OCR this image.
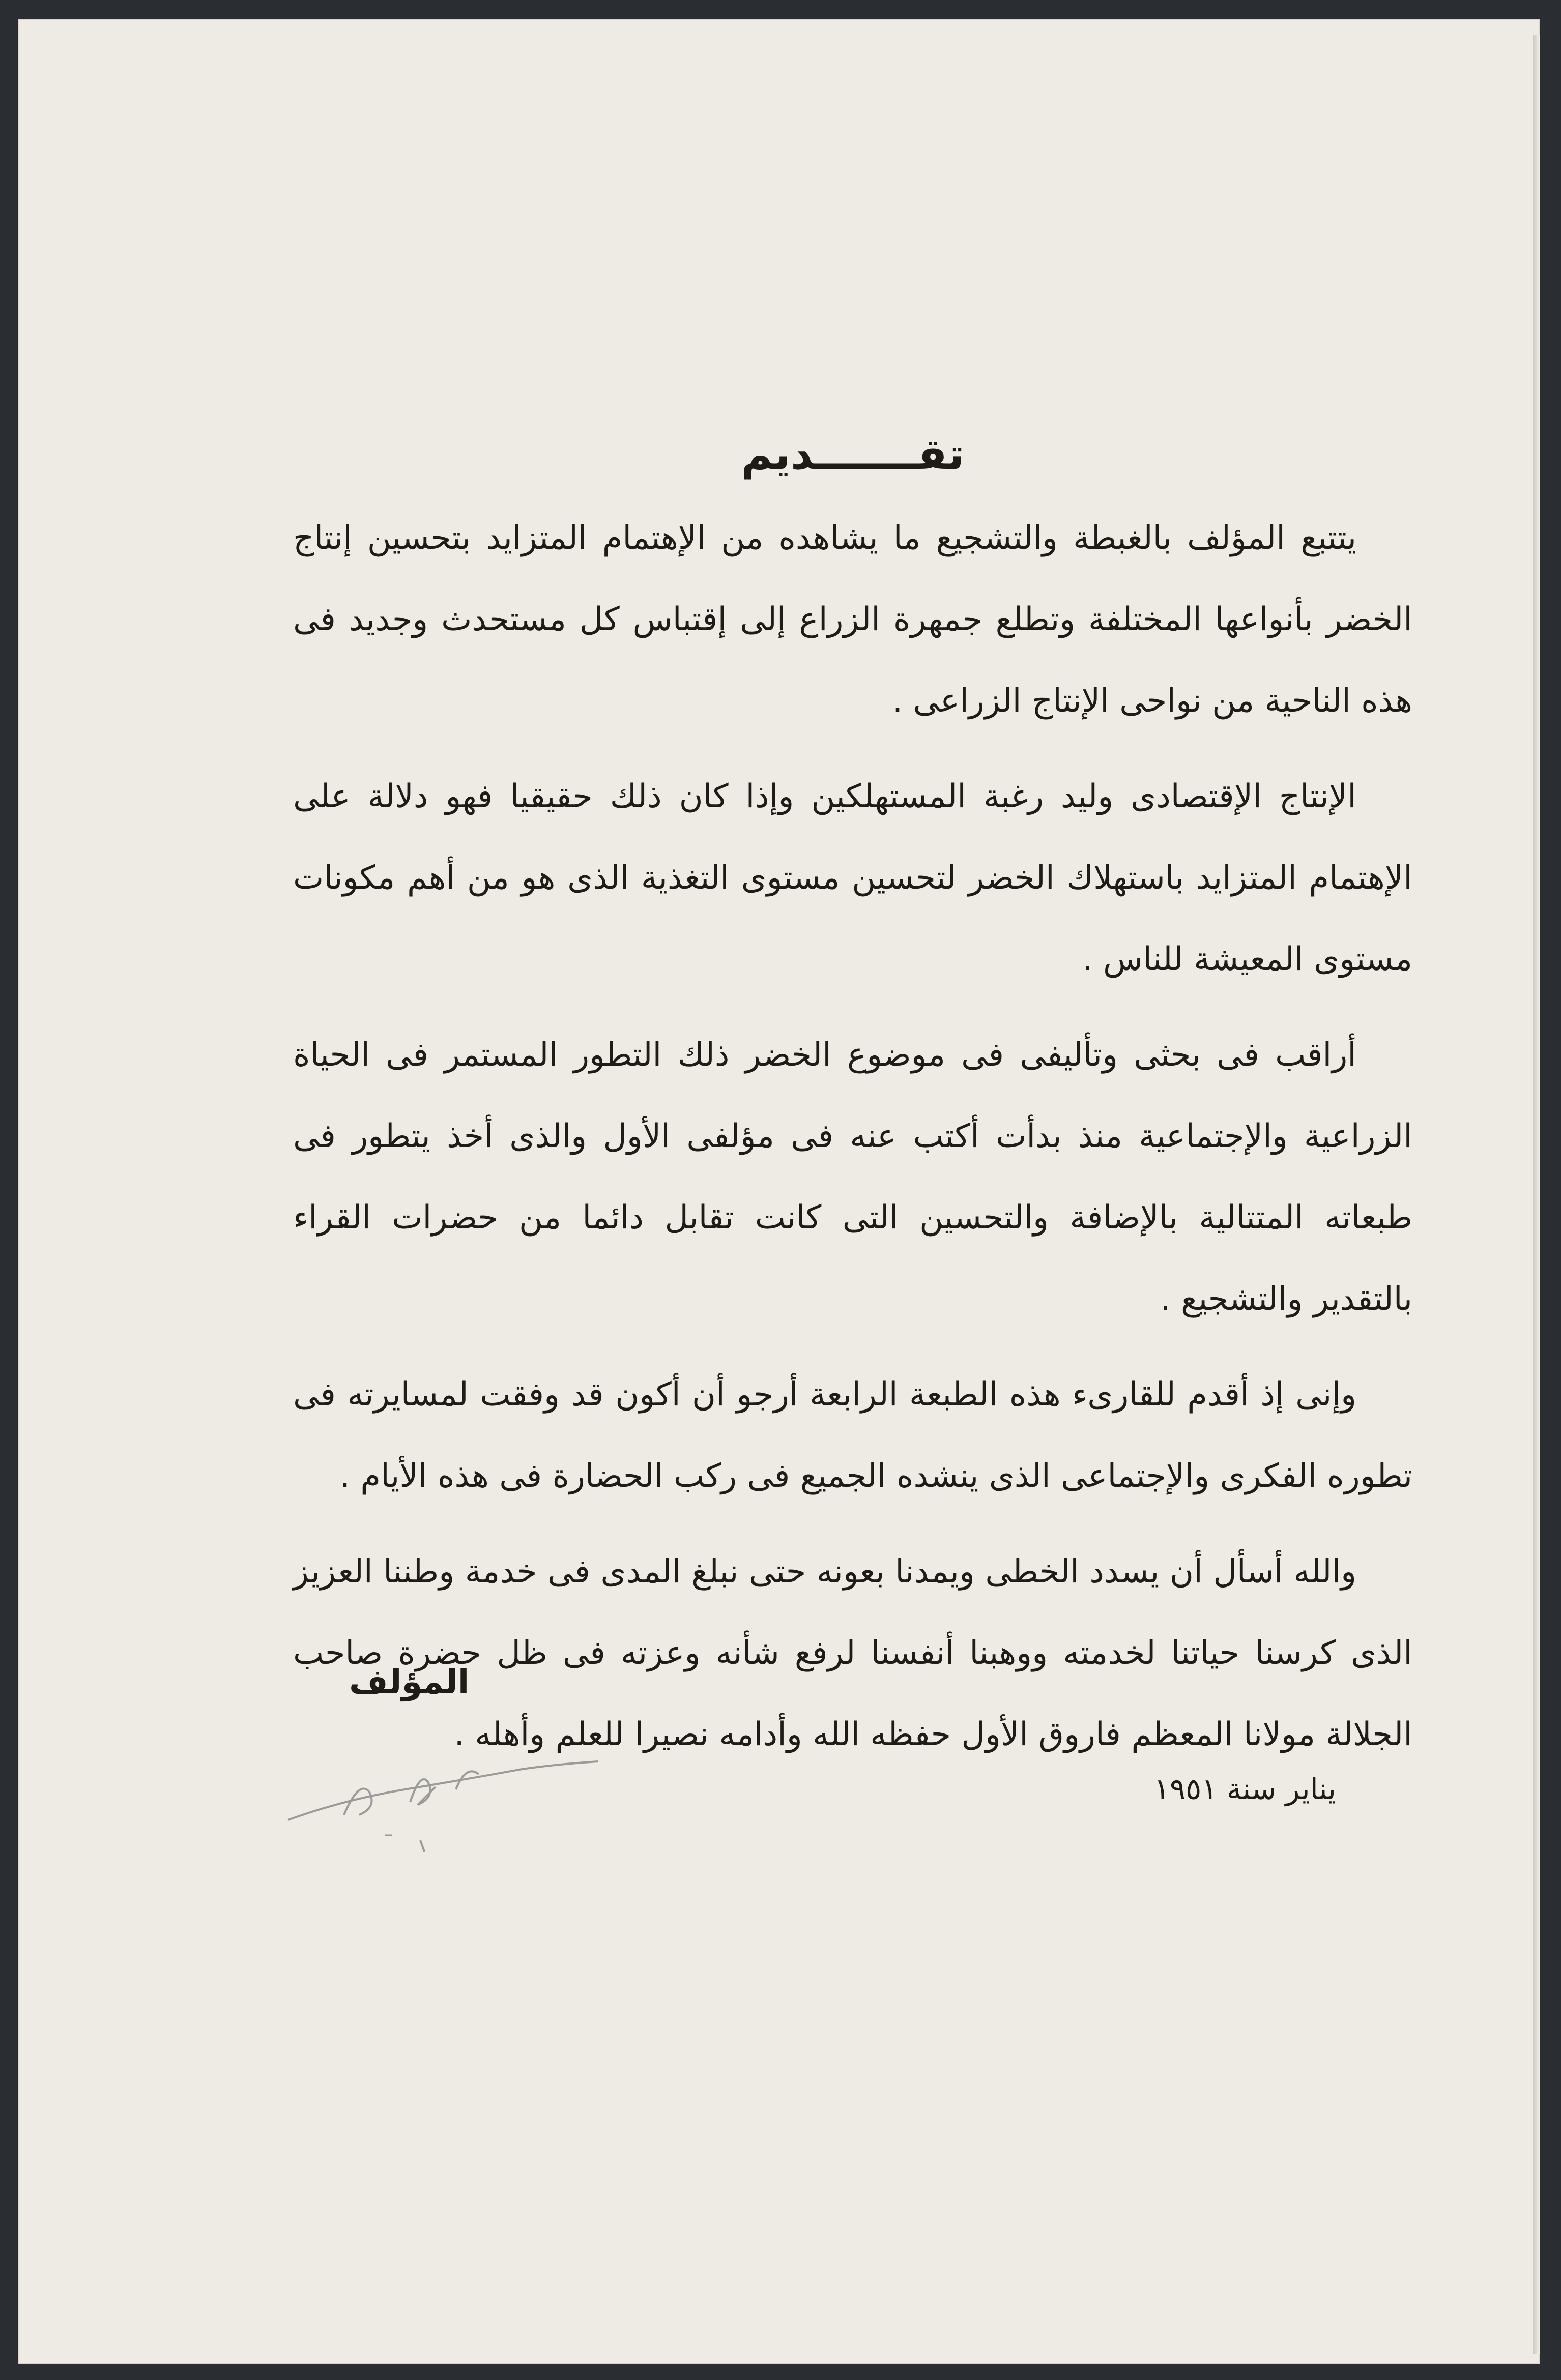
تقـــــــديم

يتتبع المؤلف بالغبطة والتشجيع ما يشاهده من الإهتمام المتزايد بتحسين إنتاج الخضر بأنواعها المختلفة وتطلع جمهرة الزراع إلى إقتباس كل مستحدث وجديد فى هذه الناحية من نواحى الإنتاج الزراعى .

الإنتاج الإقتصادى وليد رغبة المستهلكين وإذا كان ذلك حقيقيا فهو دلالة على الإهتمام المتزايد باستهلاك الخضر لتحسين مستوى التغذية الذى هو من أهم مكونات مستوى المعيشة للناس .

أراقب فى بحثى وتأليفى فى موضوع الخضر ذلك التطور المستمر فى الحياة الزراعية والإجتماعية منذ بدأت أكتب عنه فى مؤلفى الأول والذى أخذ يتطور فى طبعاته المتتالية بالإضافة والتحسين التى كانت تقابل دائما من حضرات القراء بالتقدير والتشجيع .

وإنى إذ أقدم للقارىء هذه الطبعة الرابعة أرجو أن أكون قد وفقت لمسايرته فى تطوره الفكرى والإجتماعى الذى ينشده الجميع فى ركب الحضارة فى هذه الأيام .

والله أسأل أن يسدد الخطى ويمدنا بعونه حتى نبلغ المدى فى خدمة وطننا العزيز الذى كرسنا حياتنا لخدمته ووهبنا أنفسنا لرفع شأنه وعزته فى ظل حضرة صاحب الجلالة مولانا المعظم فاروق الأول حفظه الله وأدامه نصيرا للعلم وأهله .

المؤلف
يناير سنة ١٩٥١
